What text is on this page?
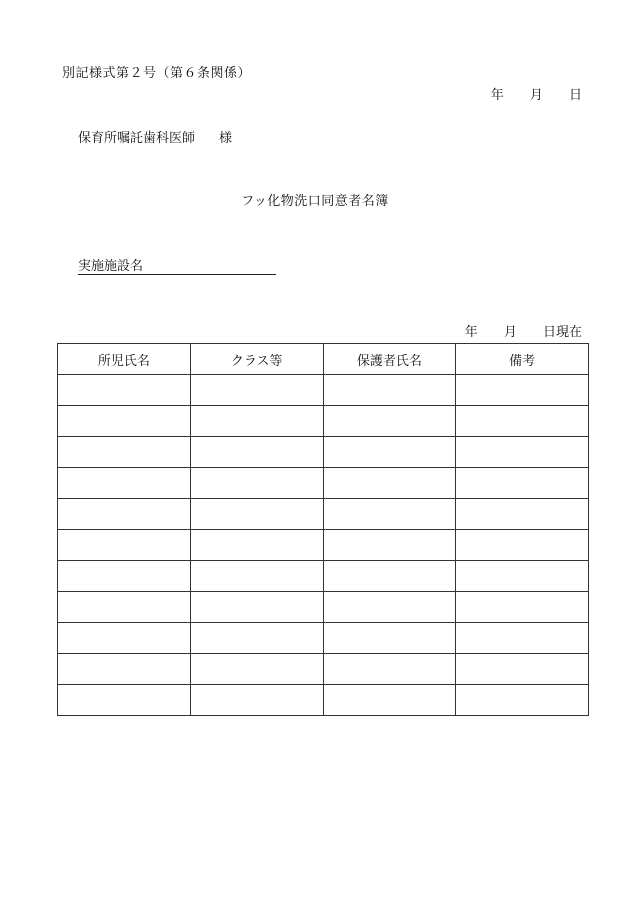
別記様式第２号（第６条関係）
年 月 日
保育所嘱託歯科医師 様
フッ化物洗口同意者名簿
実施施設名
年 月 日現在
所児氏名	クラス等	保護者氏名	備考
